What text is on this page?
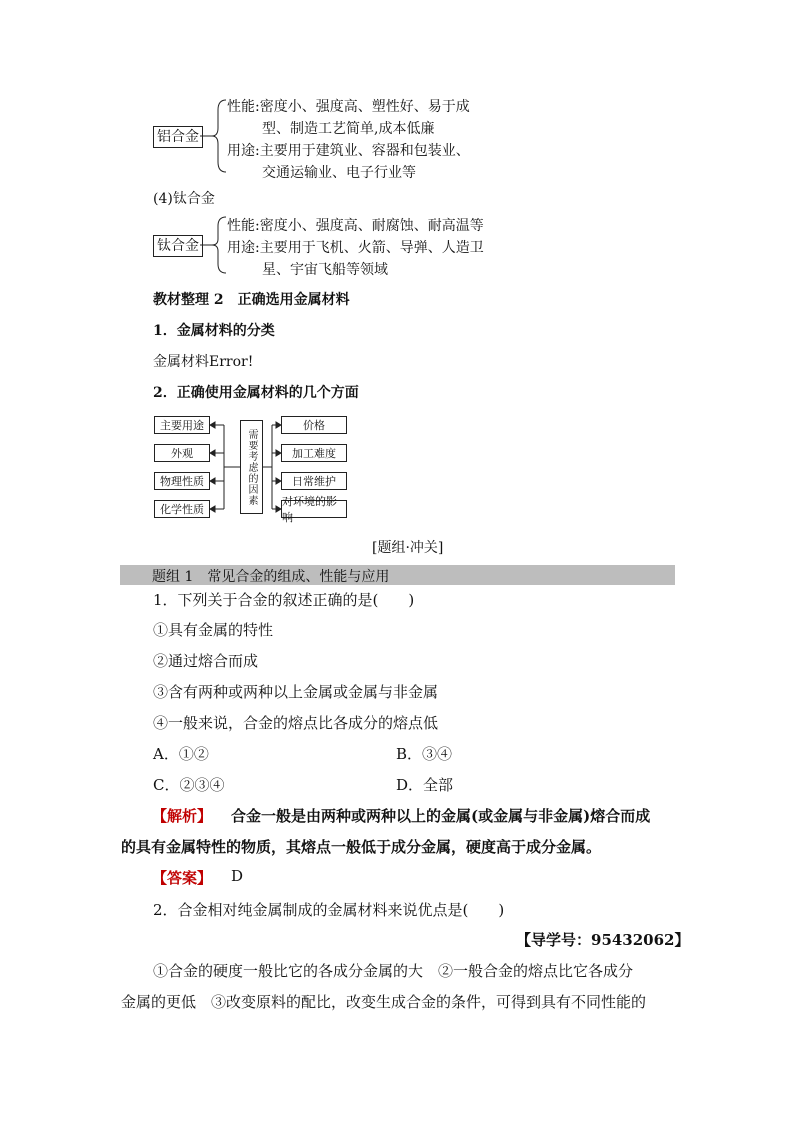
铝合金
性能:密度小、强度高、塑性好、易于成
型、制造工艺简单,成本低廉
用途:主要用于建筑业、容器和包装业、
交通运输业、电子行业等
(4)钛合金
钛合金
性能:密度小、强度高、耐腐蚀、耐高温等
用途:主要用于飞机、火箭、导弹、人造卫
星、宇宙飞船等领域
教材整理 2　正确选用金属材料
1．金属材料的分类
金属材料Error!
2．正确使用金属材料的几个方面
主要用途
外观
物理性质
化学性质
需要考虑的因素
价格
加工难度
日常维护
对环境的影响
[题组·冲关]
题组 1　常见合金的组成、性能与应用
1．下列关于合金的叙述正确的是(　　)
①具有金属的特性
②通过熔合而成
③含有两种或两种以上金属或金属与非金属
④一般来说，合金的熔点比各成分的熔点低
A．①②	B．③④
C．②③④	D．全部
【解析】 合金一般是由两种或两种以上的金属(或金属与非金属)熔合而成
的具有金属特性的物质，其熔点一般低于成分金属，硬度高于成分金属。
【答案】 D
2．合金相对纯金属制成的金属材料来说优点是(　　)
【导学号：95432062】
①合金的硬度一般比它的各成分金属的大　②一般合金的熔点比它各成分
金属的更低　③改变原料的配比，改变生成合金的条件，可得到具有不同性能的
